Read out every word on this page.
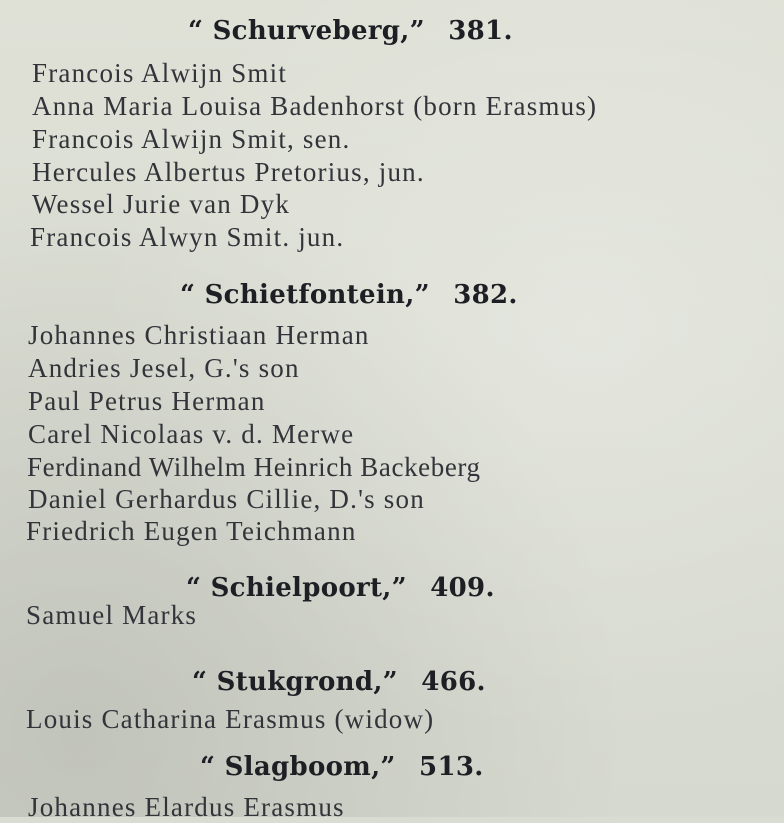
“ Schurveberg,” 381.
Francois Alwijn Smit
Anna Maria Louisa Badenhorst (born Erasmus)
Francois Alwijn Smit, sen.
Hercules Albertus Pretorius, jun.
Wessel Jurie van Dyk
Francois Alwyn Smit. jun.
“ Schietfontein,” 382.
Johannes Christiaan Herman
Andries Jesel, G.'s son
Paul Petrus Herman
Carel Nicolaas v. d. Merwe
Ferdinand Wilhelm Heinrich Backeberg
Daniel Gerhardus Cillie, D.'s son
Friedrich Eugen Teichmann
“ Schielpoort,” 409.
Samuel Marks
“ Stukgrond,” 466.
Louis Catharina Erasmus (widow)
“ Slagboom,” 513.
Johannes Elardus Erasmus
